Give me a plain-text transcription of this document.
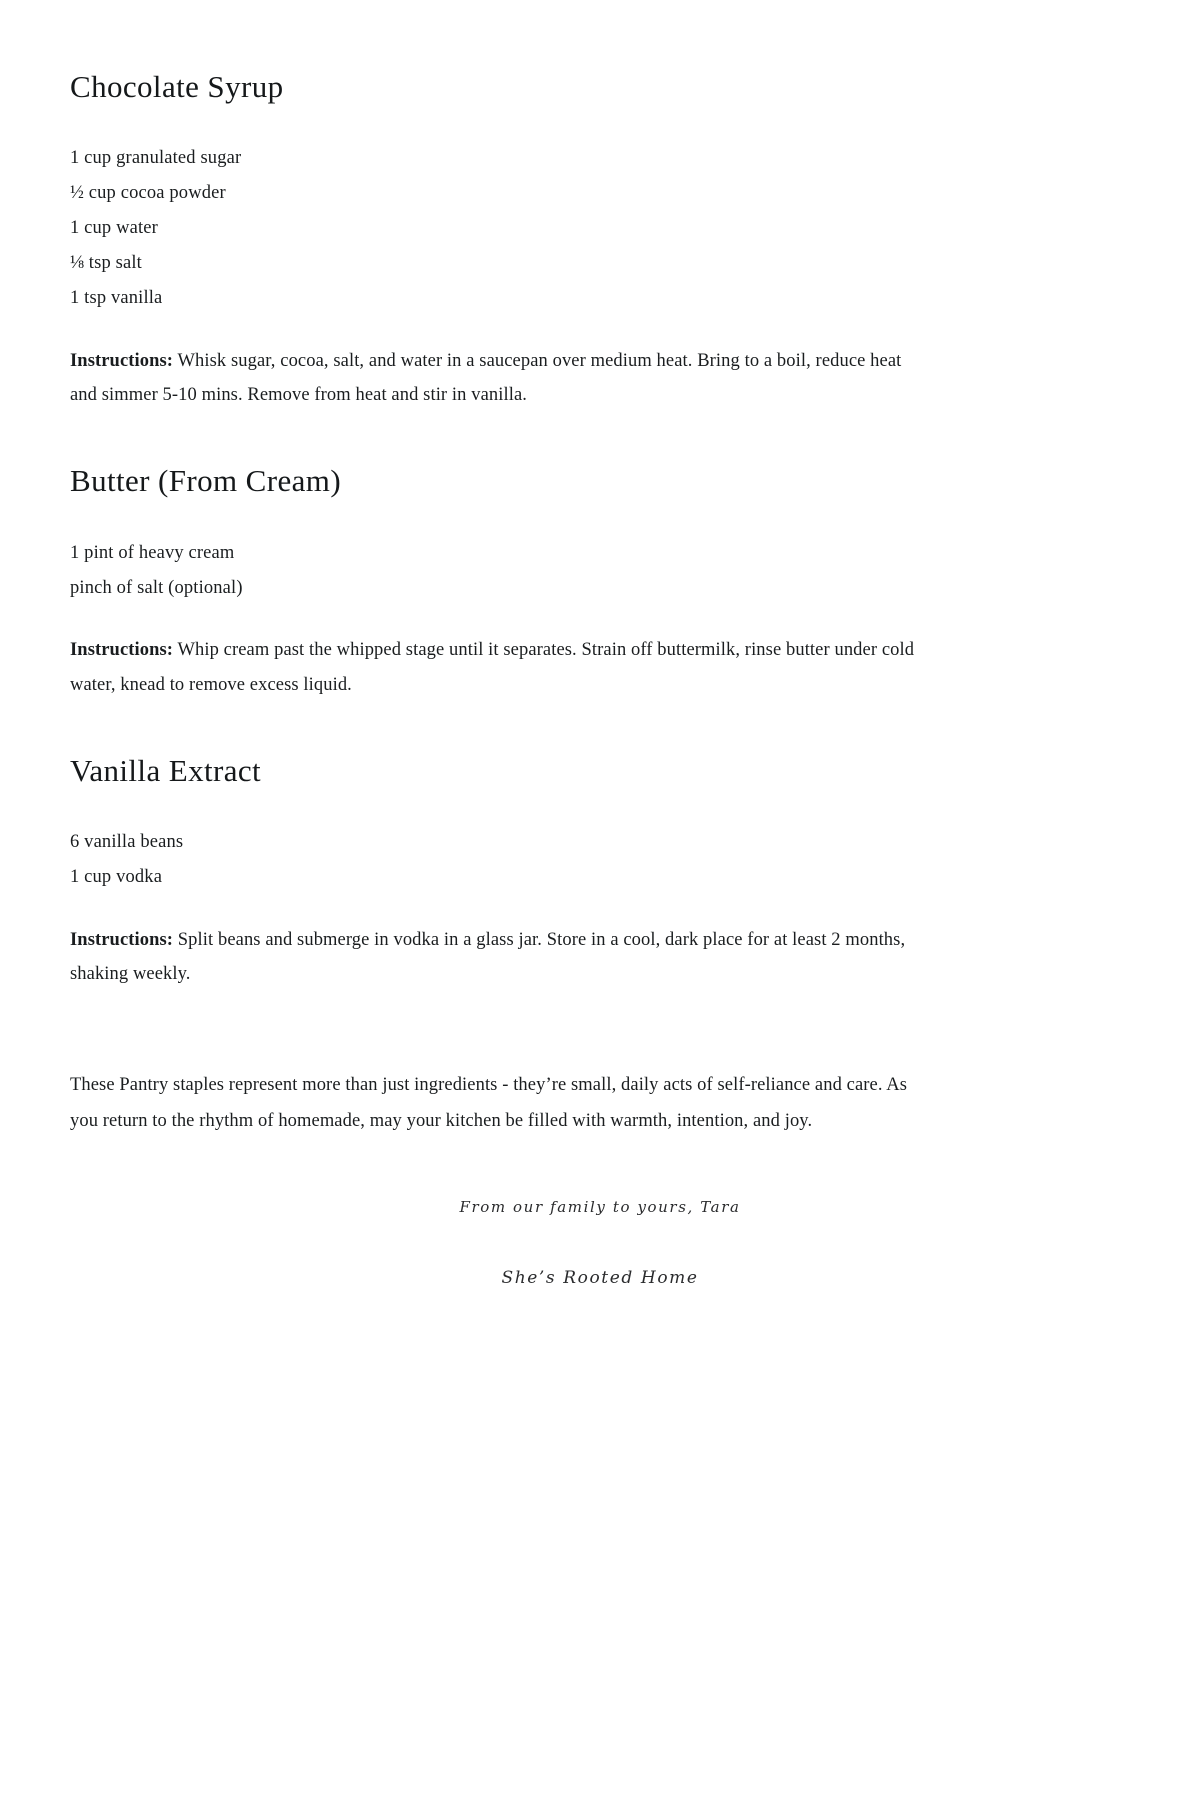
Chocolate Syrup
1 cup granulated sugar
½ cup cocoa powder
1 cup water
⅛ tsp salt
1 tsp vanilla

Instructions: Whisk sugar, cocoa, salt, and water in a saucepan over medium heat. Bring to a boil, reduce heat and simmer 5-10 mins. Remove from heat and stir in vanilla.

Butter (From Cream)
1 pint of heavy cream
pinch of salt (optional)

Instructions: Whip cream past the whipped stage until it separates. Strain off buttermilk, rinse butter under cold water, knead to remove excess liquid.

Vanilla Extract
6 vanilla beans
1 cup vodka

Instructions: Split beans and submerge in vodka in a glass jar. Store in a cool, dark place for at least 2 months, shaking weekly.

These Pantry staples represent more than just ingredients - they’re small, daily acts of self-reliance and care. As you return to the rhythm of homemade, may your kitchen be filled with warmth, intention, and joy.

From our family to yours, Tara
She’s Rooted Home
